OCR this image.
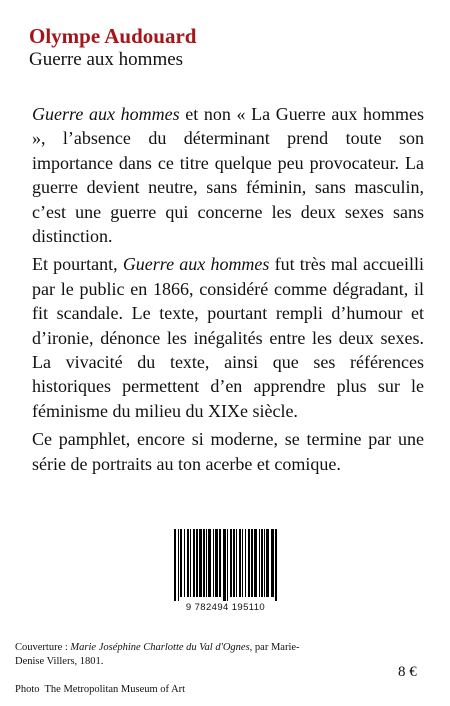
Olympe Audouard
Guerre aux hommes

Guerre aux hommes et non « La Guerre aux hommes », l’absence du déterminant prend toute son importance dans ce titre quelque peu provocateur. La guerre devient neutre, sans féminin, sans masculin, c’est une guerre qui concerne les deux sexes sans distinction.

Et pourtant, Guerre aux hommes fut très mal accueilli par le public en 1866, considéré comme dégradant, il fit scandale. Le texte, pourtant rempli d’humour et d’ironie, dénonce les inégalités entre les deux sexes. La vivacité du texte, ainsi que ses références historiques permettent d’en apprendre plus sur le féminisme du milieu du XIXe siècle.

Ce pamphlet, encore si moderne, se termine par une série de portraits au ton acerbe et comique.

9 782494 195110
Couverture : Marie Joséphine Charlotte du Val d'Ognes, par Marie-Denise Villers, 1801.
8 €
Photo The Metropolitan Museum of Art
